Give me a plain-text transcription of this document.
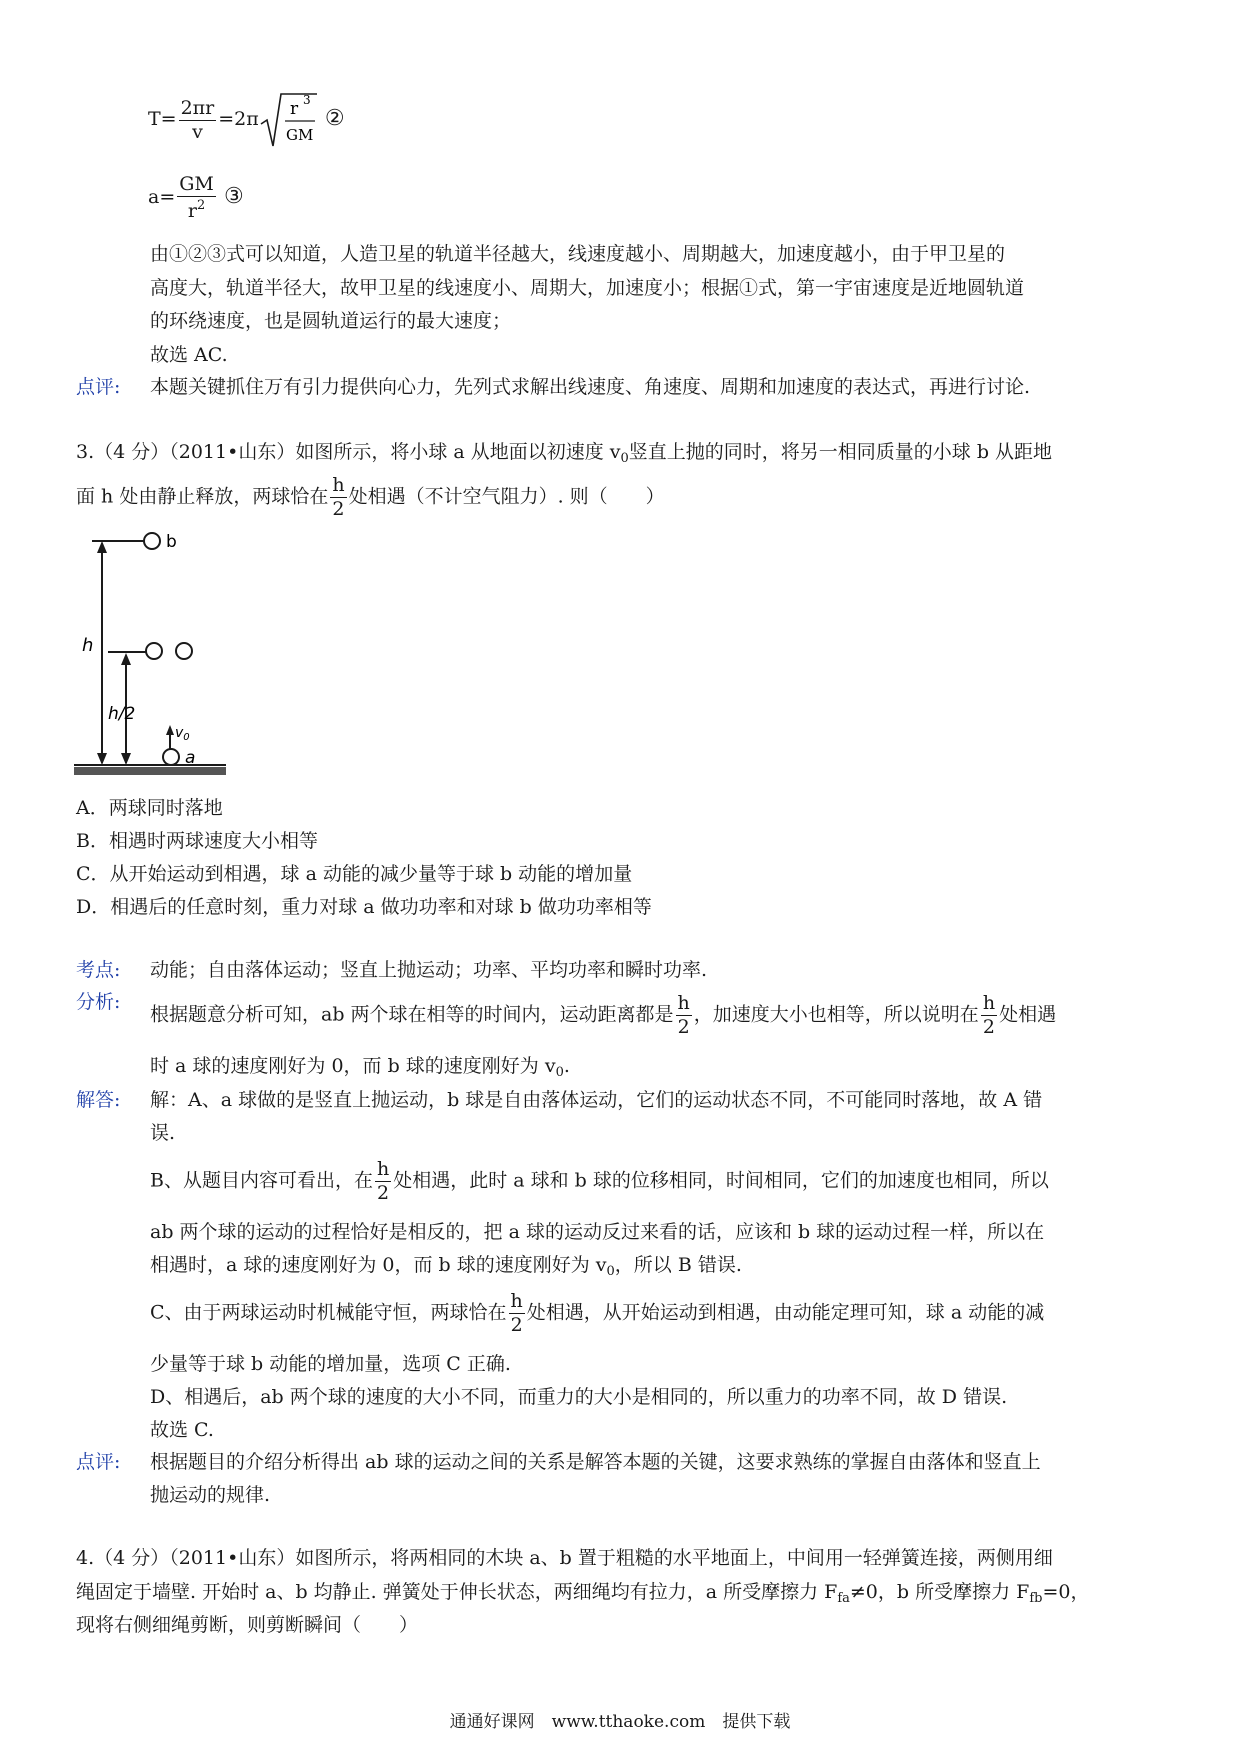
$T= \frac{2\pi r}{v} =2\pi$ r 3
GM
②
$a= \frac{GM}{r^2}$ ③
由①②③式可以知道，人造卫星的轨道半径越大，线速度越小、周期越大，加速度越小，由于甲卫星的
高度大，轨道半径大，故甲卫星的线速度小、周期大，加速度小；根据①式，第一宇宙速度是近地圆轨道
的环绕速度，也是圆轨道运行的最大速度；
故选 AC.
点评: 本题关键抓住万有引力提供向心力，先列式求解出线速度、角速度、周期和加速度的表达式，再进行讨论.
3.（4 分）（2011•山东）如图所示，将小球 a 从地面以初速度 $v_0$竖直上抛的同时，将另一相同质量的小球 b 从距地
面 h 处由静止释放，两球恰在 $\frac{h}{2}$ 处相遇（不计空气阻力）. 则（　　）
b
h
h/2
$v_0$
a
A．两球同时落地
B．相遇时两球速度大小相等
C．从开始运动到相遇，球 a 动能的减少量等于球 b 动能的增加量
D．相遇后的任意时刻，重力对球 a 做功功率和对球 b 做功功率相等
考点: 动能；自由落体运动；竖直上抛运动；功率、平均功率和瞬时功率.
分析:
根据题意分析可知，ab 两个球在相等的时间内，运动距离都是 $\frac{h}{2}$ ，加速度大小也相等，所以说明在 $\frac{h}{2}$ 处相遇
时 a 球的速度刚好为 0，而 b 球的速度刚好为 $v_0$.
解答: 解：A、a 球做的是竖直上抛运动，b 球是自由落体运动，它们的运动状态不同，不可能同时落地，故 A 错
误.
B、从题目内容可看出，在 $\frac{h}{2}$ 处相遇，此时 a 球和 b 球的位移相同，时间相同，它们的加速度也相同，所以
ab 两个球的运动的过程恰好是相反的，把 a 球的运动反过来看的话，应该和 b 球的运动过程一样，所以在
相遇时，a 球的速度刚好为 0，而 b 球的速度刚好为 $v_0$，所以 B 错误.
C、由于两球运动时机械能守恒，两球恰在 $\frac{h}{2}$ 处相遇，从开始运动到相遇，由动能定理可知，球 a 动能的减
少量等于球 b 动能的增加量，选项 C 正确.
D、相遇后，ab 两个球的速度的大小不同，而重力的大小是相同的，所以重力的功率不同，故 D 错误.
故选 C.
点评: 根据题目的介绍分析得出 ab 球的运动之间的关系是解答本题的关键，这要求熟练的掌握自由落体和竖直上
抛运动的规律.
4.（4 分）（2011•山东）如图所示，将两相同的木块 a、b 置于粗糙的水平地面上，中间用一轻弹簧连接，两侧用细
绳固定于墙壁. 开始时 a、b 均静止. 弹簧处于伸长状态，两细绳均有拉力，a 所受摩擦力 $F_{fa}\ne 0$，b 所受摩擦力 $F_{fb}=0$，
现将右侧细绳剪断，则剪断瞬间（　　）
通通好课网　www.tthaoke.com　提供下载
